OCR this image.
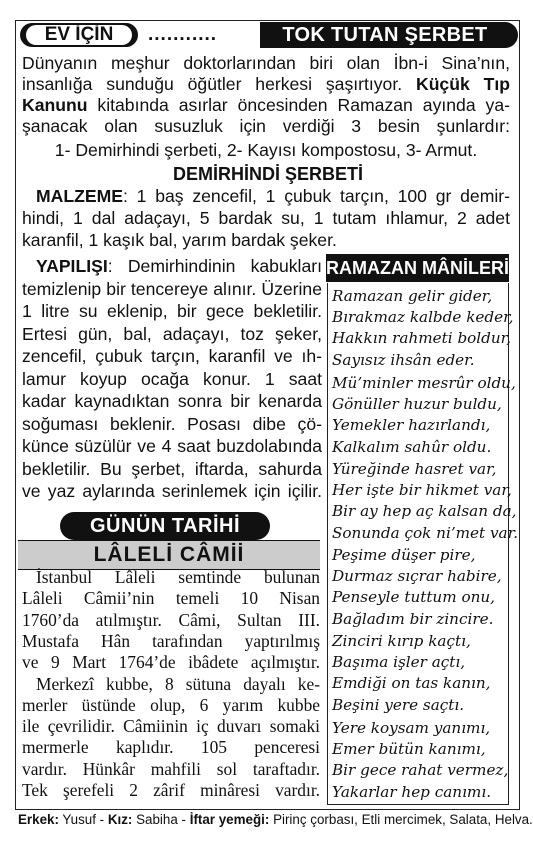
EV İÇİN	...........	TOK TUTAN ŞERBET
Dünyanın meşhur doktorlarından biri olan İbn-i Sina’nın,
insanlığa sunduğu öğütler herkesi şaşırtıyor. Küçük Tıp
Kanunu kitabında asırlar öncesinden Ramazan ayında ya-
şanacak olan susuzluk için verdiği 3 besin şunlardır:
1- Demirhindi şerbeti, 2- Kayısı kompostosu, 3- Armut.
DEMİRHİNDİ ŞERBETİ
MALZEME: 1 baş zencefil, 1 çubuk tarçın, 100 gr demir-
hindi, 1 dal adaçayı, 5 bardak su, 1 tutam ıhlamur, 2 adet
karanfil, 1 kaşık bal, yarım bardak şeker.
YAPILIŞI: Demirhindinin kabukları
temizlenip bir tencereye alınır. Üzerine
1 litre su eklenip, bir gece bekletilir.
Ertesi gün, bal, adaçayı, toz şeker,
zencefil, çubuk tarçın, karanfil ve ıh-
lamur koyup ocağa konur. 1 saat
kadar kaynadıktan sonra bir kenarda
soğuması beklenir. Posası dibe çö-
künce süzülür ve 4 saat buzdolabında
bekletilir. Bu şerbet, iftarda, sahurda
ve yaz aylarında serinlemek için içilir.
RAMAZAN MÂNİLERİ
Ramazan gelir gider,
Bırakmaz kalbde keder,
Hakkın rahmeti boldur,
Sayısız ihsân eder.
Mü’minler mesrûr oldu,
Gönüller huzur buldu,
Yemekler hazırlandı,
Kalkalım sahûr oldu.
Yüreğinde hasret var,
Her işte bir hikmet var,
Bir ay hep aç kalsan da,
Sonunda çok ni’met var.
Peşime düşer pire,
Durmaz sıçrar habire,
Penseyle tuttum onu,
Bağladım bir zincire.
Zinciri kırıp kaçtı,
Başıma işler açtı,
Emdiği on tas kanın,
Beşini yere saçtı.
Yere koysam yanımı,
Emer bütün kanımı,
Bir gece rahat vermez,
Yakarlar hep canımı.
GÜNÜN TARİHİ
LÂLELİ CÂMİİ
İstanbul Lâleli semtinde bulunan
Lâleli Câmii’nin temeli 10 Nisan
1760’da atılmıştır. Câmi, Sultan III.
Mustafa Hân tarafından yaptırılmış
ve 9 Mart 1764’de ibâdete açılmıştır.
Merkezî kubbe, 8 sütuna dayalı ke-
merler üstünde olup, 6 yarım kubbe
ile çevrilidir. Câmiinin iç duvarı somaki
mermerle kaplıdır. 105 penceresi
vardır. Hünkâr mahfili sol taraftadır.
Tek şerefeli 2 zârif minâresi vardır.
Erkek: Yusuf - Kız: Sabiha - İftar yemeği: Pirinç çorbası, Etli mercimek, Salata, Helva.
